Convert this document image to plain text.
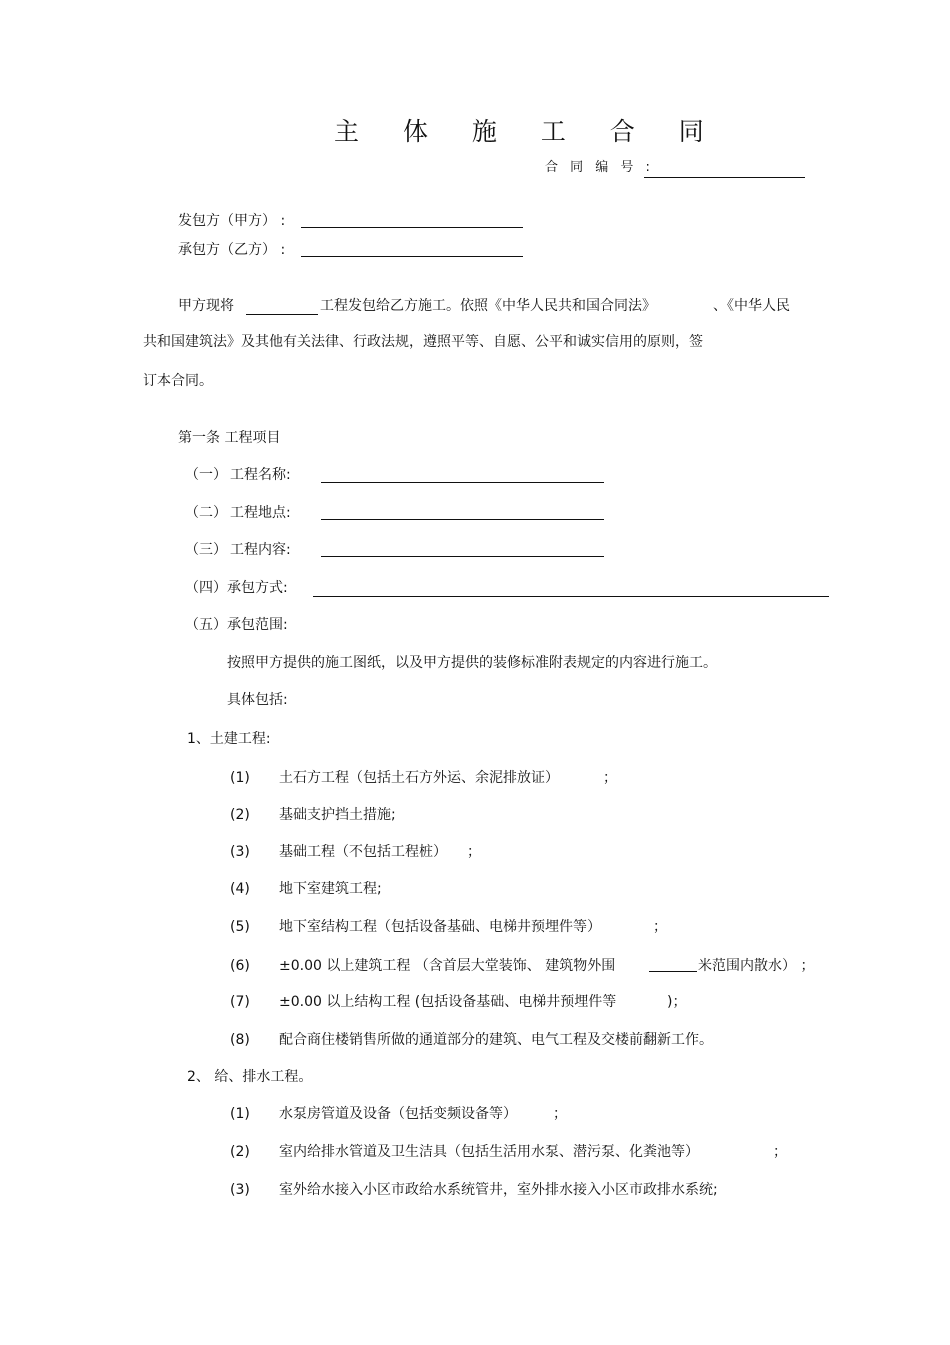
主 体 施 工 合 同
合 同 编 号 :
发包方（甲方） :
承包方（乙方） :
甲方现将	工程发包给乙方施工。依照《中华人民共和国合同法》	、《中华人民
共和国建筑法》及其他有关法律、行政法规，遵照平等、自愿、公平和诚实信用的原则，签
订本合同。
第一条 工程项目
（一） 工程名称:
（二） 工程地点:
（三） 工程内容:
（四）承包方式:
（五）承包范围:
按照甲方提供的施工图纸，以及甲方提供的装修标准附表规定的内容进行施工。
具体包括:
1、土建工程:
(1) 土石方工程（包括土石方外运、余泥排放证）	；
(2) 基础支护挡土措施;
(3) 基础工程（不包括工程桩） ；
(4) 地下室建筑工程;
(5) 地下室结构工程（包括设备基础、电梯井预埋件等）	；
(6) ±0.00 以上建筑工程 （含首层大堂装饰、 建筑物外围	米范围内散水） ；
(7) ±0.00 以上结构工程 (包括设备基础、电梯井预埋件等	)；
(8) 配合商住楼销售所做的通道部分的建筑、电气工程及交楼前翻新工作。
2、 给、排水工程。
(1) 水泵房管道及设备（包括变频设备等）	；
(2) 室内给排水管道及卫生洁具（包括生活用水泵、潜污泵、化粪池等）	；
(3) 室外给水接入小区市政给水系统管井，室外排水接入小区市政排水系统;
